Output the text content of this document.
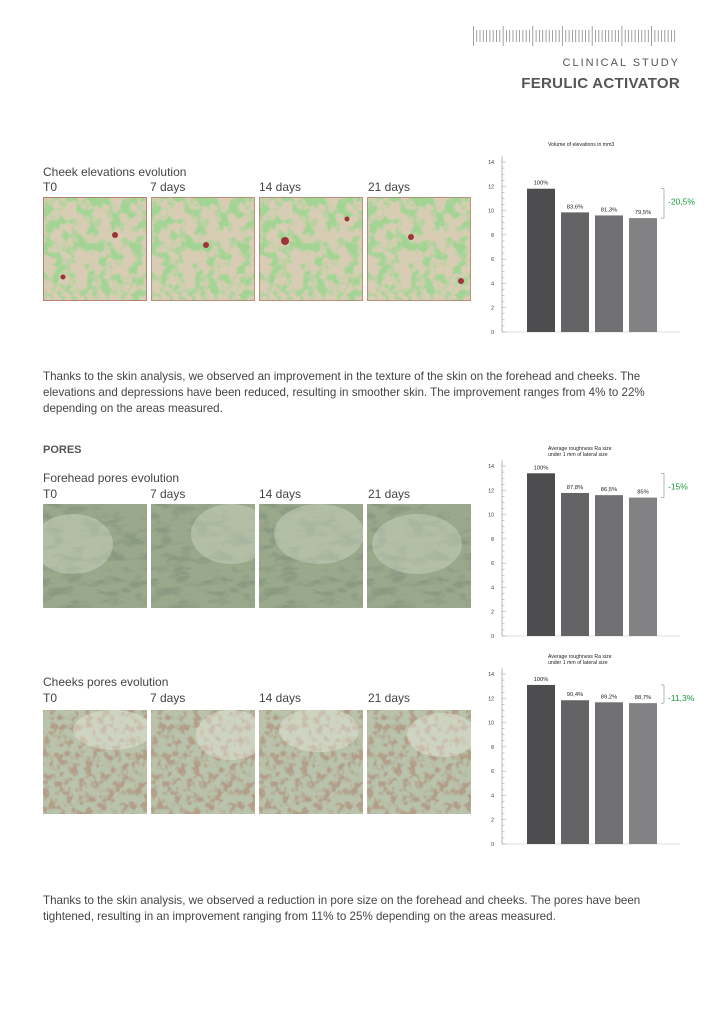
CLINICAL STUDY
FERULIC ACTIVATOR
Cheek elevations evolution
T0	7 days	14 days	21 days
Volume of elevations in mm3
0
2
4
6
8
10
12
14
100%
83,6%
81,3%	79,5%
-20,5%
Thanks to the skin analysis, we observed an improvement in the texture of the skin on the forehead and cheeks. The elevations and depressions have been reduced, resulting in smoother skin. The improvement ranges from 4% to 22% depending on the areas measured.
PORES
Forehead pores evolution
T0	7 days	14 days	21 days
Average roughness Ra size under 1 mm of lateral size
0
2
4
6
8
10
12
14	100%
87,8%	86,5%	85%
-15%
Cheeks pores evolution
T0	7 days	14 days	21 days
Average roughness Ra size under 1 mm of lateral size
0
2
4
6
8
10
12
14
100%
90,4%	89,2%	88,7% -11,3%
Thanks to the skin analysis, we observed a reduction in pore size on the forehead and cheeks. The pores have been tightened, resulting in an improvement ranging from 11% to 25% depending on the areas measured.
